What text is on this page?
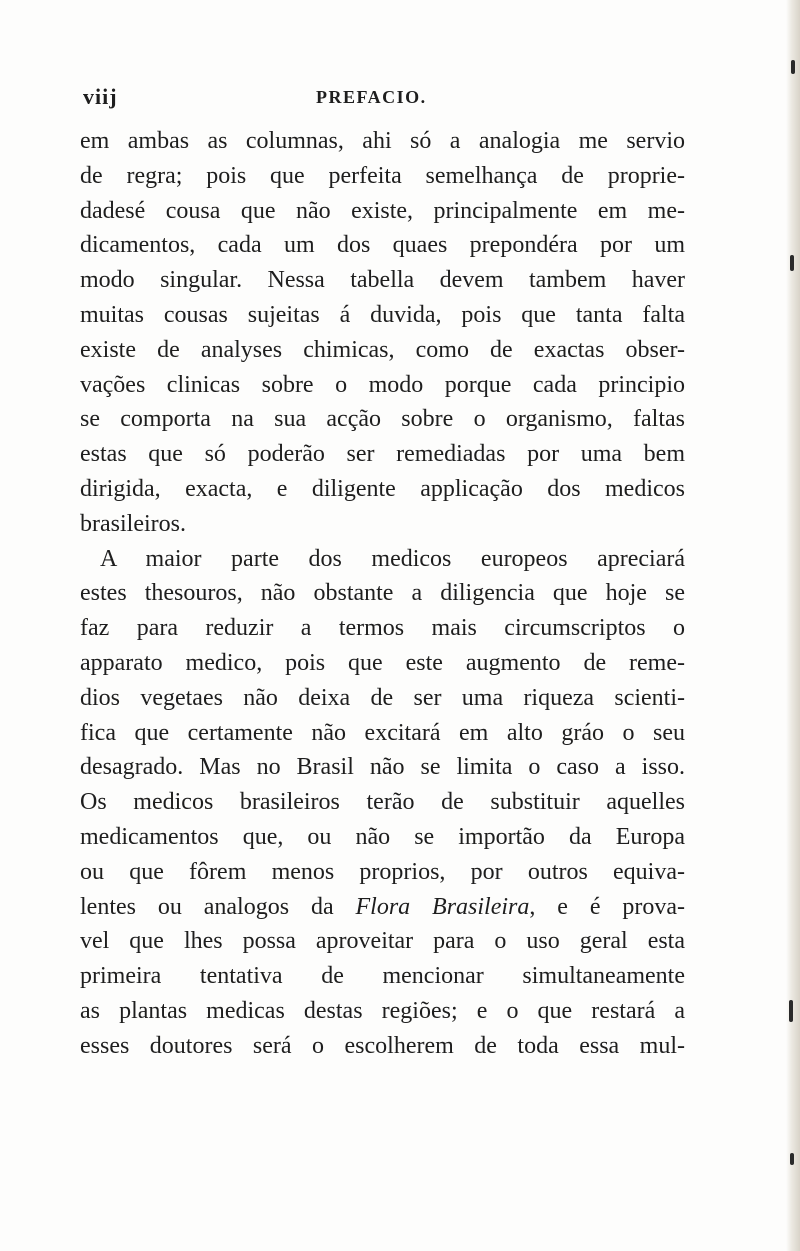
viij	PREFACIO.
em ambas as columnas, ahi só a analogia me servio
de regra; pois que perfeita semelhança de proprie-
dadesé cousa que não existe, principalmente em me-
dicamentos, cada um dos quaes prepondéra por um
modo singular. Nessa tabella devem tambem haver
muitas cousas sujeitas á duvida, pois que tanta falta
existe de analyses chimicas, como de exactas obser-
vações clinicas sobre o modo porque cada principio
se comporta na sua acção sobre o organismo, faltas
estas que só poderão ser remediadas por uma bem
dirigida, exacta, e diligente applicação dos medicos
brasileiros.
A maior parte dos medicos europeos apreciará
estes thesouros, não obstante a diligencia que hoje se
faz para reduzir a termos mais circumscriptos o
apparato medico, pois que este augmento de reme-
dios vegetaes não deixa de ser uma riqueza scienti-
fica que certamente não excitará em alto gráo o seu
desagrado. Mas no Brasil não se limita o caso a isso.
Os medicos brasileiros terão de substituir aquelles
medicamentos que, ou não se importão da Europa
ou que fôrem menos proprios, por outros equiva-
lentes ou analogos da Flora Brasileira, e é prova-
vel que lhes possa aproveitar para o uso geral esta
primeira tentativa de mencionar simultaneamente
as plantas medicas destas regiões; e o que restará a
esses doutores será o escolherem de toda essa mul-
